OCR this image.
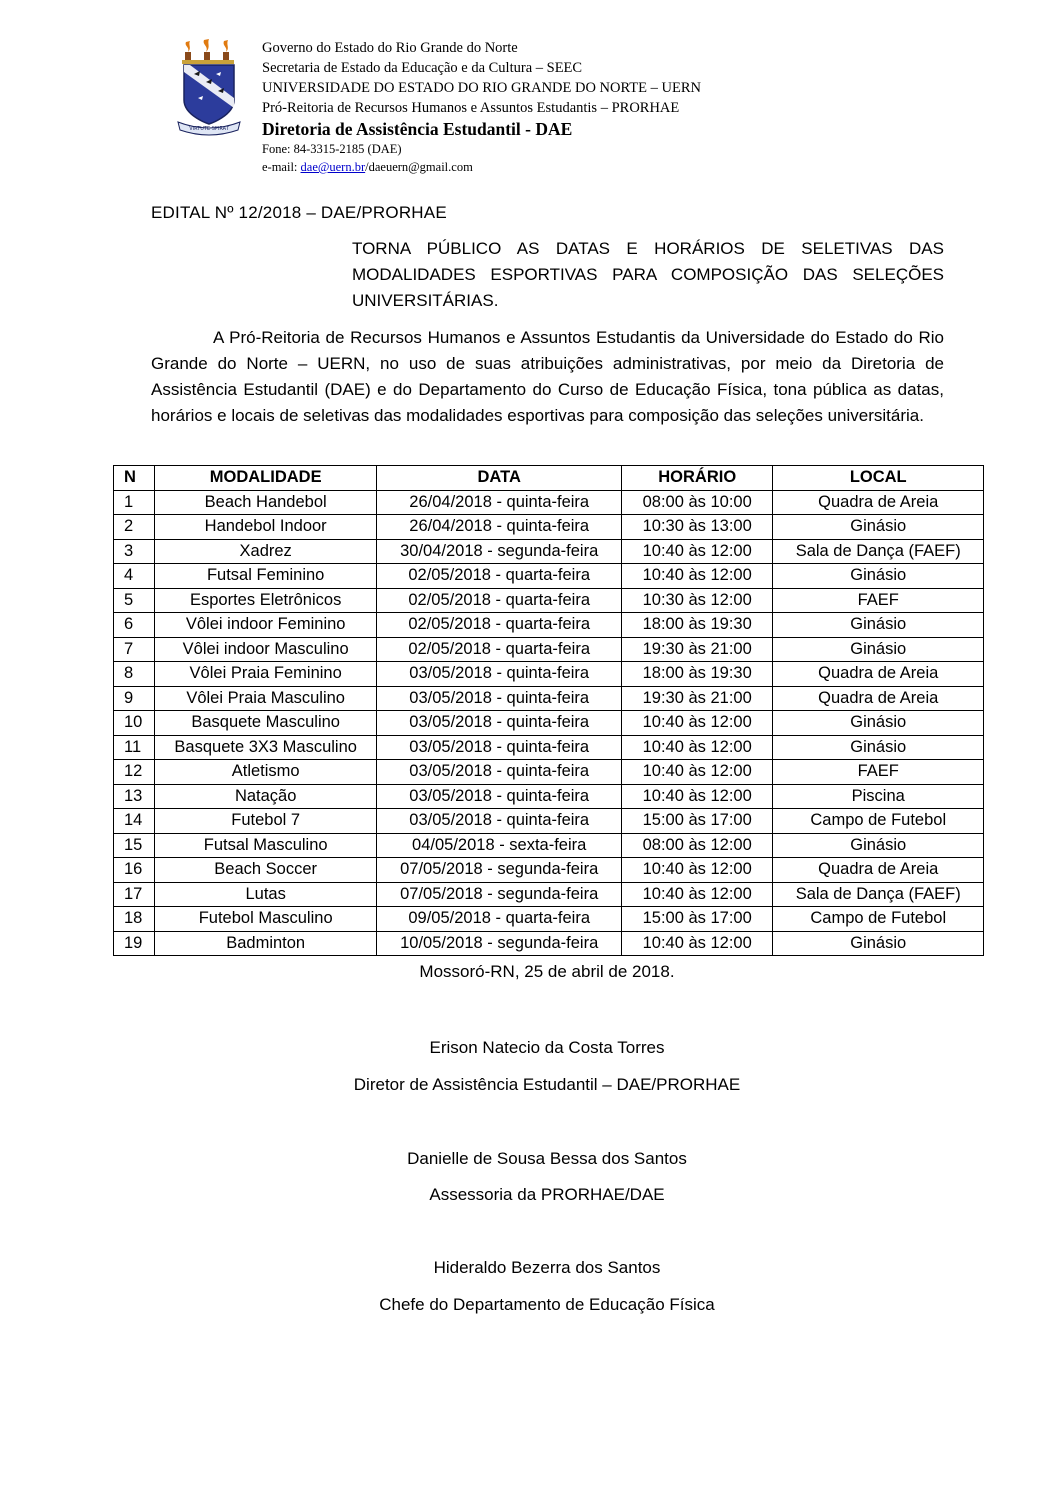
VIRTUTE SPIRAT
Governo do Estado do Rio Grande do Norte
Secretaria de Estado da Educação e da Cultura – SEEC
UNIVERSIDADE DO ESTADO DO RIO GRANDE DO NORTE – UERN
Pró-Reitoria de Recursos Humanos e Assuntos Estudantis – PRORHAE
Diretoria de Assistência Estudantil - DAE
Fone: 84-3315-2185 (DAE)
e-mail: dae@uern.br/daeuern@gmail.com
EDITAL Nº 12/2018 – DAE/PRORHAE
TORNA PÚBLICO AS DATAS E HORÁRIOS DE SELETIVAS DAS MODALIDADES ESPORTIVAS PARA COMPOSIÇÃO DAS SELEÇÕES UNIVERSITÁRIAS.
A Pró-Reitoria de Recursos Humanos e Assuntos Estudantis da Universidade do Estado do Rio Grande do Norte – UERN, no uso de suas atribuições administrativas, por meio da Diretoria de Assistência Estudantil (DAE) e do Departamento do Curso de Educação Física, tona pública as datas, horários e locais de seletivas das modalidades esportivas para composição das seleções universitária.
N	MODALIDADE	DATA	HORÁRIO	LOCAL
1	Beach Handebol	26/04/2018 - quinta-feira	08:00 às 10:00	Quadra de Areia
2	Handebol Indoor	26/04/2018 - quinta-feira	10:30 às 13:00	Ginásio
3	Xadrez	30/04/2018 - segunda-feira	10:40 às 12:00	Sala de Dança (FAEF)
4	Futsal Feminino	02/05/2018 - quarta-feira	10:40 às 12:00	Ginásio
5	Esportes Eletrônicos	02/05/2018 - quarta-feira	10:30 às 12:00	FAEF
6	Vôlei indoor Feminino	02/05/2018 - quarta-feira	18:00 às 19:30	Ginásio
7	Vôlei indoor Masculino	02/05/2018 - quarta-feira	19:30 às 21:00	Ginásio
8	Vôlei Praia Feminino	03/05/2018 - quinta-feira	18:00 às 19:30	Quadra de Areia
9	Vôlei Praia Masculino	03/05/2018 - quinta-feira	19:30 às 21:00	Quadra de Areia
10	Basquete Masculino	03/05/2018 - quinta-feira	10:40 às 12:00	Ginásio
11	Basquete 3X3 Masculino	03/05/2018 - quinta-feira	10:40 às 12:00	Ginásio
12	Atletismo	03/05/2018 - quinta-feira	10:40 às 12:00	FAEF
13	Natação	03/05/2018 - quinta-feira	10:40 às 12:00	Piscina
14	Futebol 7	03/05/2018 - quinta-feira	15:00 às 17:00	Campo de Futebol
15	Futsal Masculino	04/05/2018 - sexta-feira	08:00 às 12:00	Ginásio
16	Beach Soccer	07/05/2018 - segunda-feira	10:40 às 12:00	Quadra de Areia
17	Lutas	07/05/2018 - segunda-feira	10:40 às 12:00	Sala de Dança (FAEF)
18	Futebol Masculino	09/05/2018 - quarta-feira	15:00 às 17:00	Campo de Futebol
19	Badminton	10/05/2018 - segunda-feira	10:40 às 12:00	Ginásio
Mossoró-RN, 25 de abril de 2018.
Erison Natecio da Costa Torres
Diretor de Assistência Estudantil – DAE/PRORHAE
Danielle de Sousa Bessa dos Santos
Assessoria da PRORHAE/DAE
Hideraldo Bezerra dos Santos
Chefe do Departamento de Educação Física
